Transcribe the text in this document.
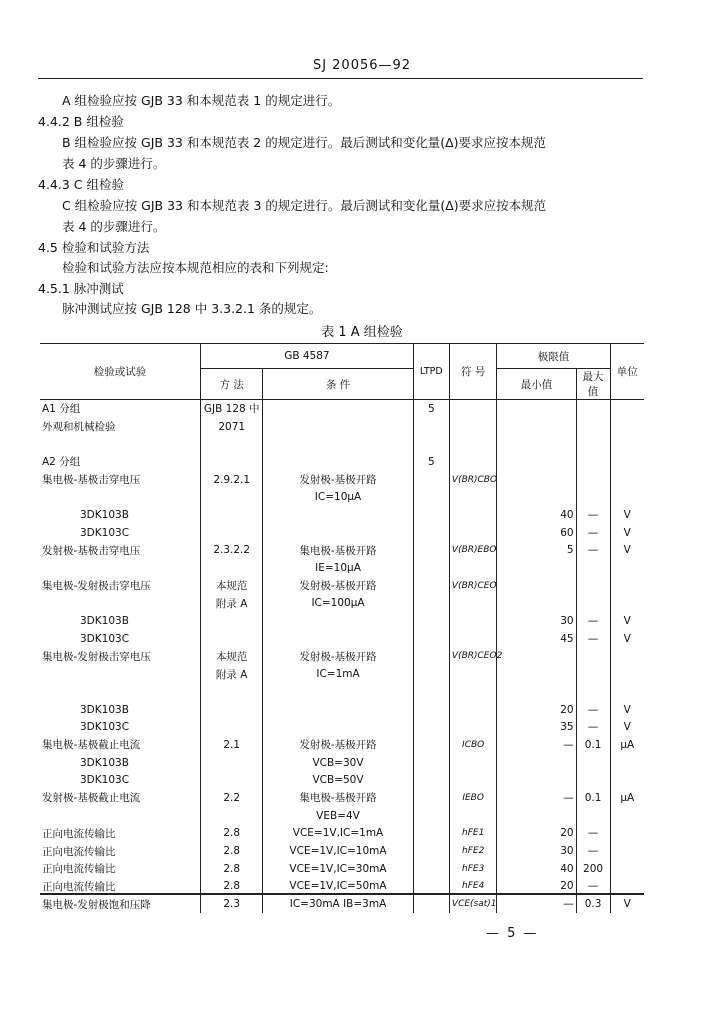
SJ 20056—92
A 组检验应按 GJB 33 和本规范表 1 的规定进行。
4.4.2 B 组检验
B 组检验应按 GJB 33 和本规范表 2 的规定进行。最后测试和变化量(Δ)要求应按本规范
表 4 的步骤进行。
4.4.3 C 组检验
C 组检验应按 GJB 33 和本规范表 3 的规定进行。最后测试和变化量(Δ)要求应按本规范
表 4 的步骤进行。
4.5 检验和试验方法
检验和试验方法应按本规范相应的表和下列规定:
4.5.1 脉冲测试
脉冲测试应按 GJB 128 中 3.3.2.1 条的规定。
表 1 A 组检验
检验或试验	GB 4587		LTPD	符 号	极限值		单位
	方 法	条 件			最小值	最大值	
A1 分组	GJB 128 中		5				
外观和机械检验	2071						

A2 分组			5				
集电极-基极击穿电压	2.9.2.1	发射极-基极开路		V(BR)CBO			
		IC=10μA					
3DK103B					40	—	V
3DK103C					60	—	V
发射极-基极击穿电压	2.3.2.2	集电极-基极开路		V(BR)EBO	5	—	V
		IE=10μA					
集电极-发射极击穿电压	本规范	发射极-基极开路		V(BR)CEO			
	附录 A	IC=100μA					
3DK103B					30	—	V
3DK103C					45	—	V
集电极-发射极击穿电压	本规范	发射极-基极开路		V(BR)CEO2			
	附录 A	IC=1mA					

3DK103B					20	—	V
3DK103C					35	—	V
集电极-基极截止电流	2.1	发射极-基极开路		ICBO	—	0.1	μA
3DK103B		VCB=30V					
3DK103C		VCB=50V					
发射极-基极截止电流	2.2	集电极-基极开路		IEBO	—	0.1	μA
		VEB=4V					
正向电流传输比	2.8	VCE=1V,IC=1mA		hFE1	20	—	
正向电流传输比	2.8	VCE=1V,IC=10mA		hFE2	30	—	
正向电流传输比	2.8	VCE=1V,IC=30mA		hFE3	40	200	
正向电流传输比	2.8	VCE=1V,IC=50mA		hFE4	20	—	
集电极-发射极饱和压降	2.3	IC=30mA IB=3mA		VCE(sat)1	—	0.3	V
— 5 —
